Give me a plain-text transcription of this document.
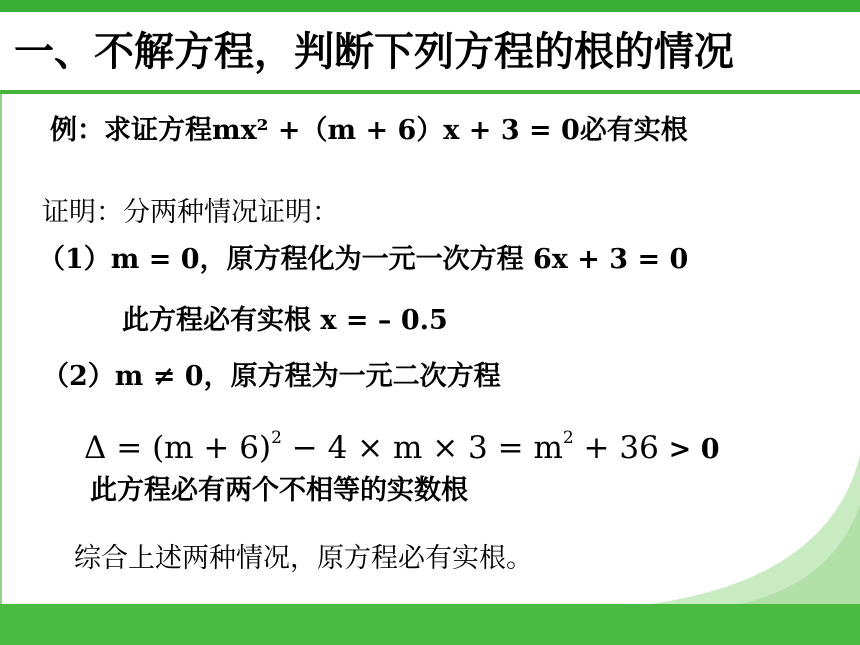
一、不解方程，判断下列方程的根的情况

例：求证方程mx² +（m + 6）x + 3 = 0必有实根

证明：分两种情况证明：

（1）m = 0，原方程化为一元一次方程 6x + 3 = 0

此方程必有实根 x = – 0.5

（2）m ≠ 0，原方程为一元二次方程

$\Delta = (m + 6)^2 - 4 \times m \times 3 = m^2 + 36 > 0$

此方程必有两个不相等的实数根

综合上述两种情况，原方程必有实根。
